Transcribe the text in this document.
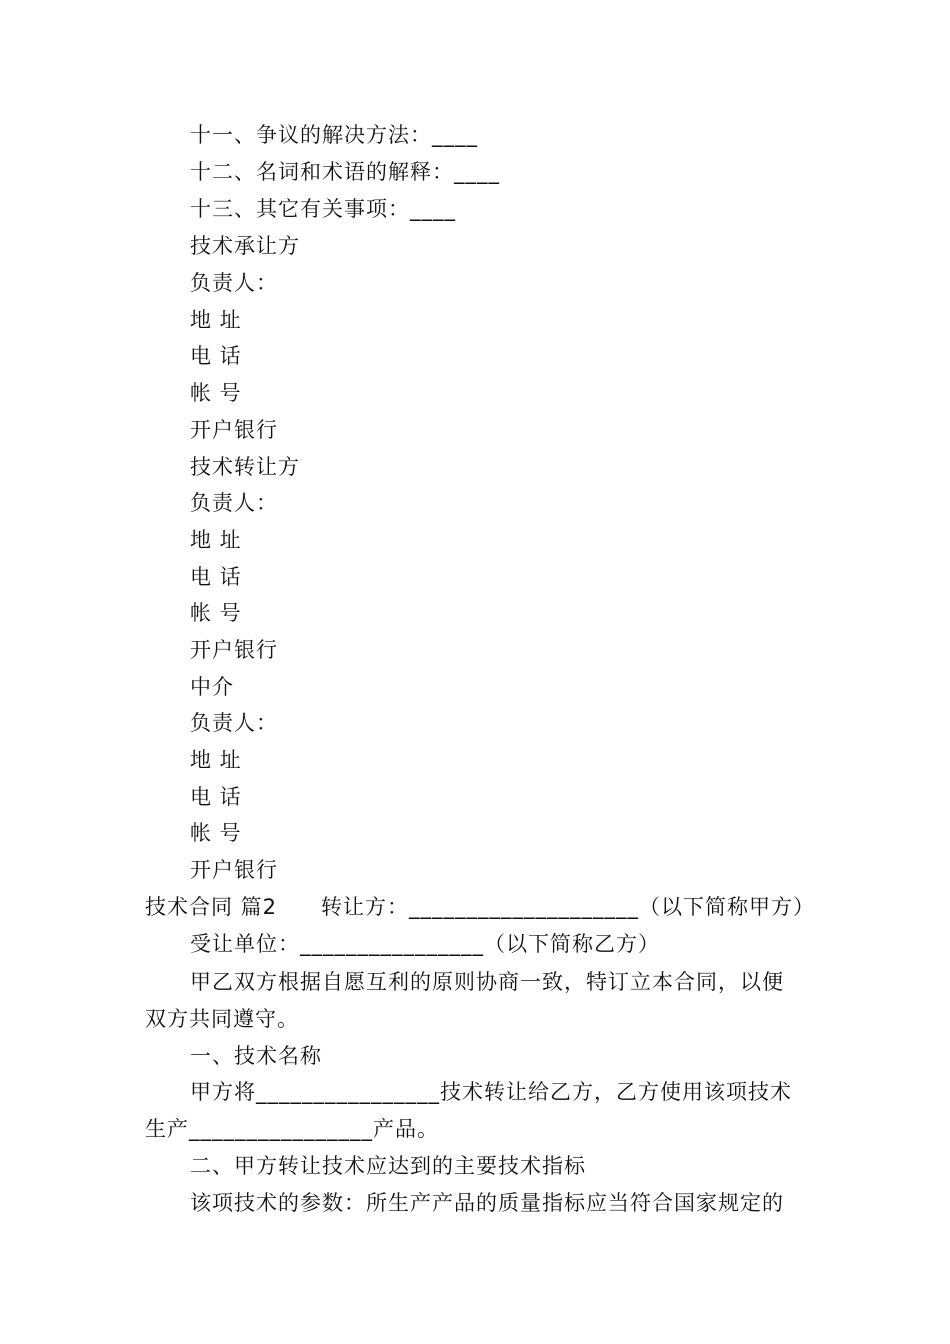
十一、争议的解决方法：____
十二、名词和术语的解释：____
十三、其它有关事项：____
技术承让方
负责人：
地 址
电 话
帐 号
开户银行
技术转让方
负责人：
地 址
电 话
帐 号
开户银行
中介
负责人：
地 址
电 话
帐 号
开户银行
技术合同 篇2　　转让方：____________________（以下简称甲方）
受让单位：________________（以下简称乙方）
甲乙双方根据自愿互利的原则协商一致，特订立本合同，以便
双方共同遵守。
一、技术名称
甲方将________________技术转让给乙方，乙方使用该项技术
生产________________产品。
二、甲方转让技术应达到的主要技术指标
该项技术的参数：所生产产品的质量指标应当符合国家规定的
